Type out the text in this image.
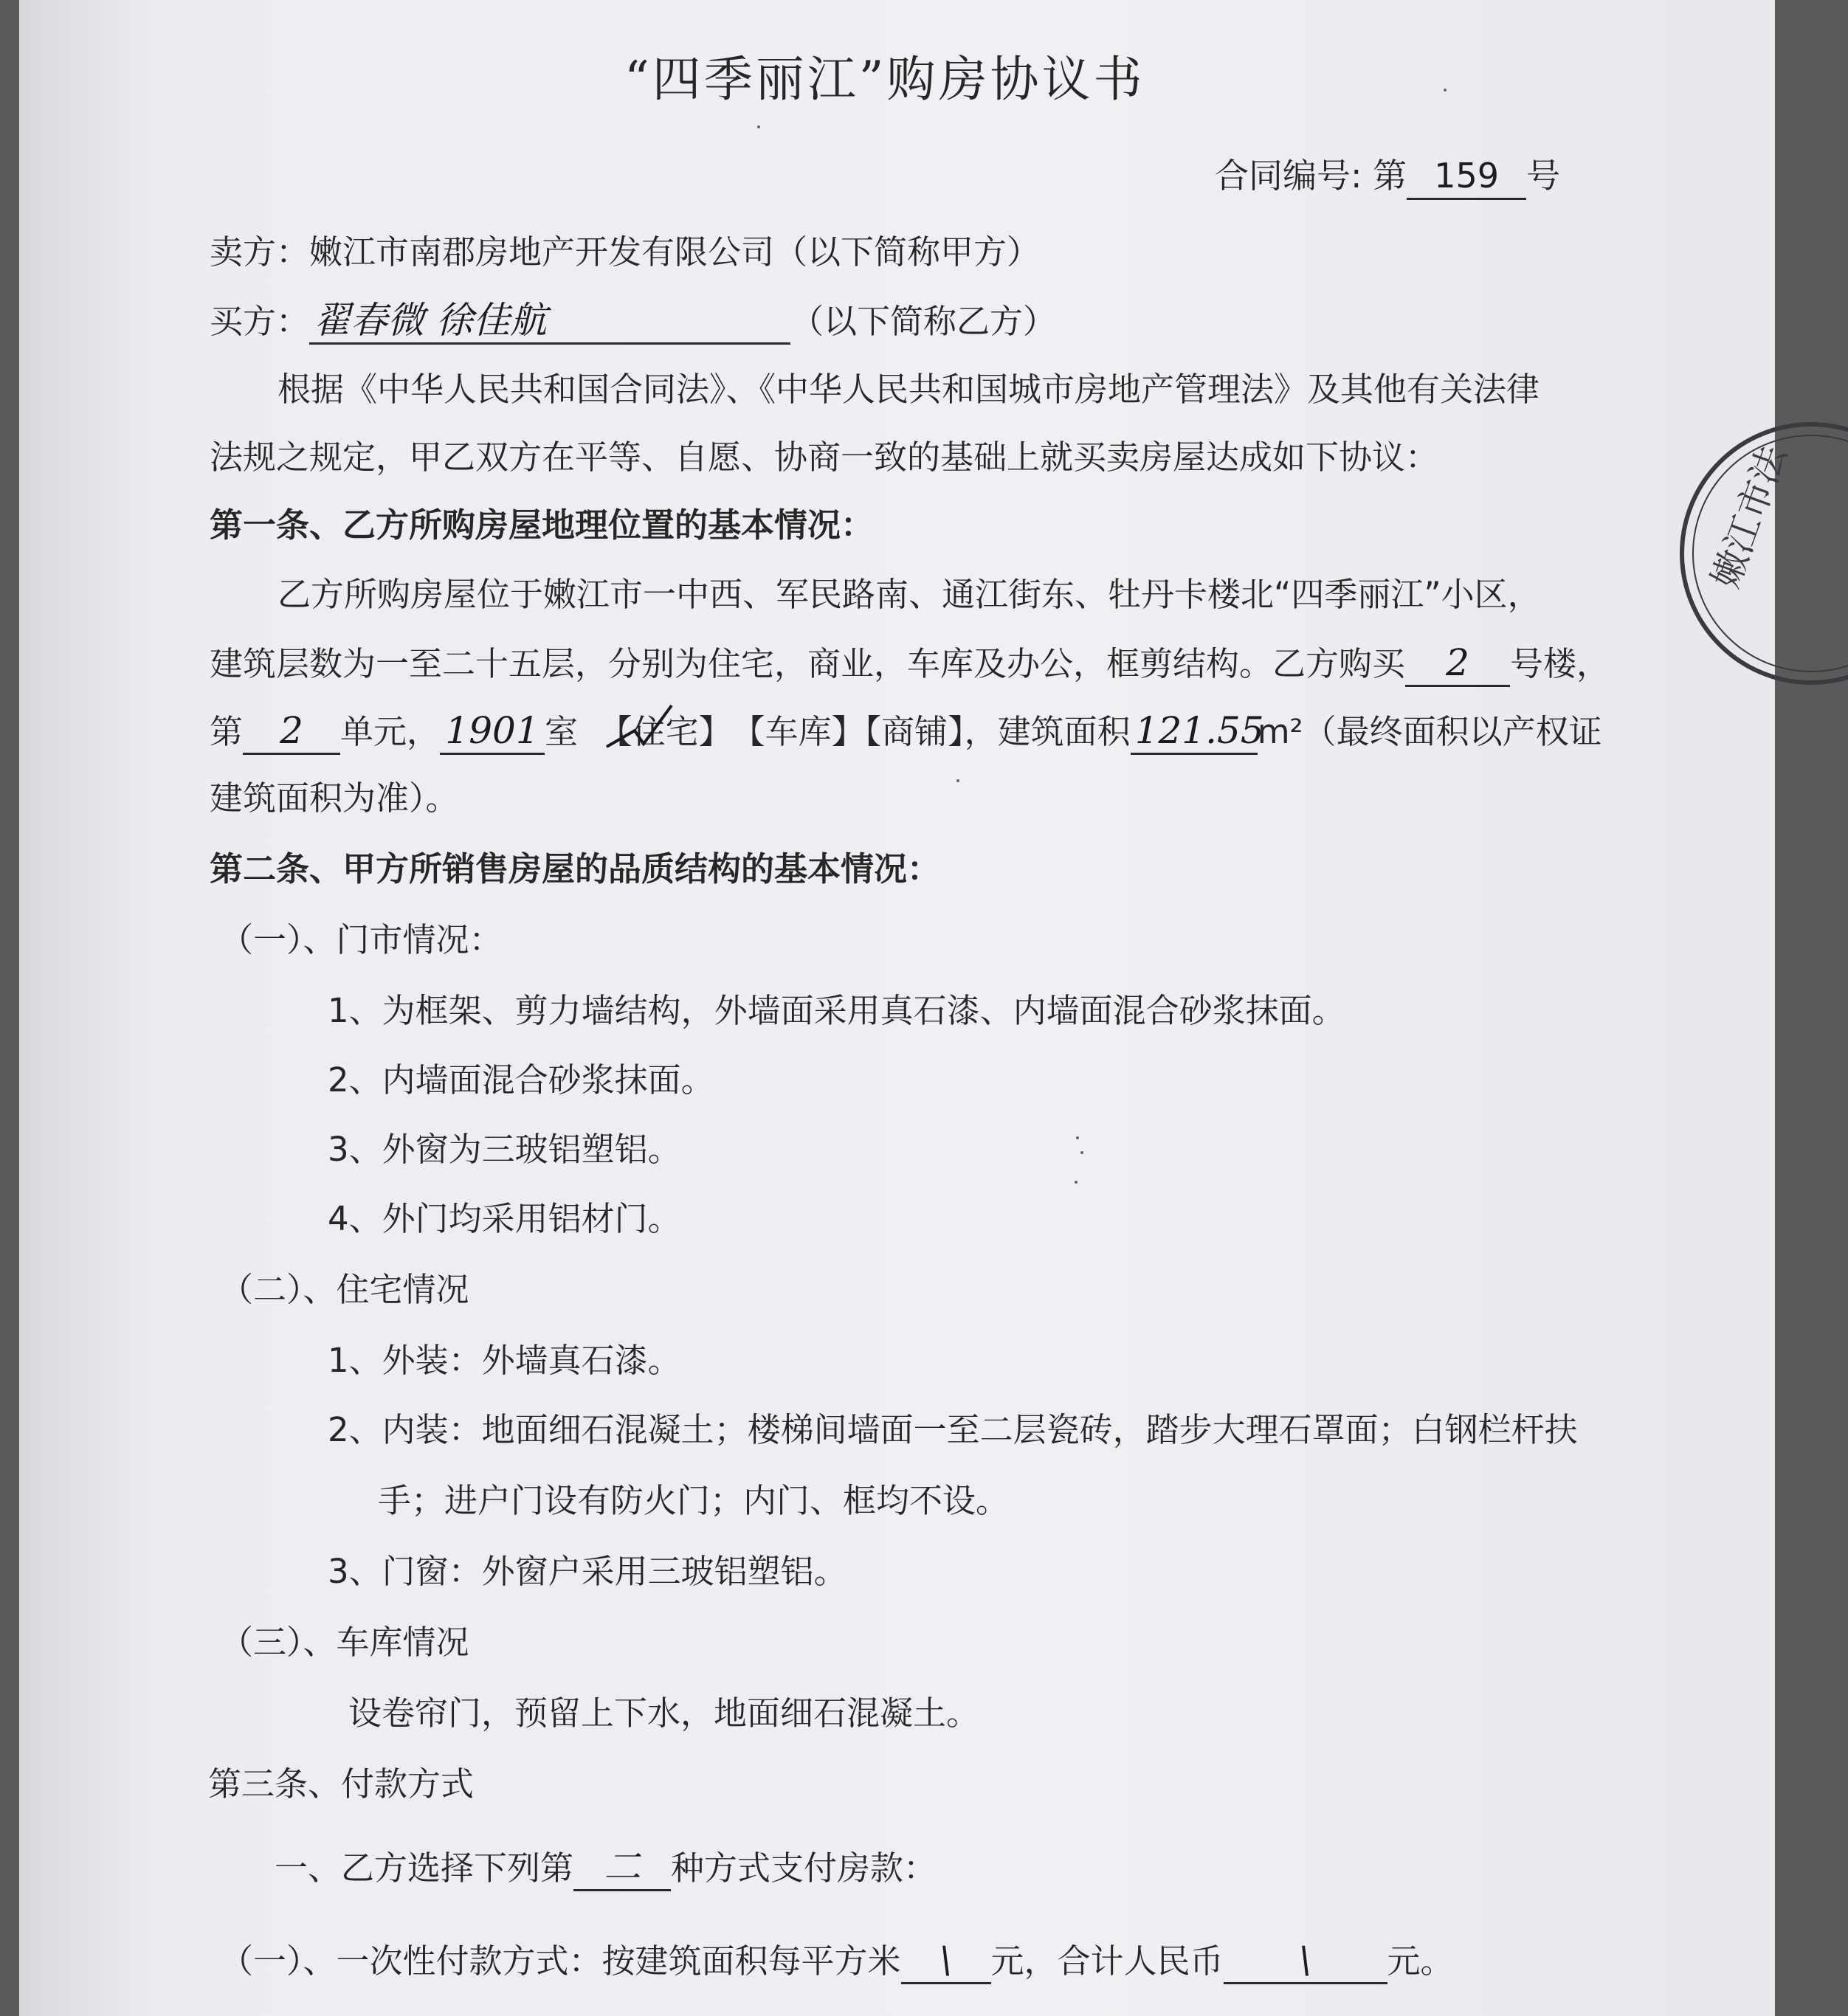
“四季丽江”购房协议书
合同编号: 第 159 号
卖方：嫩江市南郡房地产开发有限公司（以下简称甲方）
买方： 翟春微 徐佳航	（以下简称乙方）
根据《中华人民共和国合同法》、《中华人民共和国城市房地产管理法》及其他有关法律
法规之规定，甲乙双方在平等、自愿、协商一致的基础上就买卖房屋达成如下协议：
第一条、乙方所购房屋地理位置的基本情况：
乙方所购房屋位于嫩江市一中西、军民路南、通江街东、牡丹卡楼北“四季丽江”小区，
建筑层数为一至二十五层，分别为住宅，商业，车库及办公，框剪结构。乙方购买 2 号楼，
第 2 单元， 1901 室 【住宅】
【车库】【商铺】，建筑面积 121.55m²（最终面积以产权证
建筑面积为准）。
第二条、甲方所销售房屋的品质结构的基本情况：
（一）、门市情况：
1、为框架、剪力墙结构，外墙面采用真石漆、内墙面混合砂浆抹面。
2、内墙面混合砂浆抹面。
3、外窗为三玻铝塑铝。
4、外门均采用铝材门。
（二）、住宅情况
1、外装：外墙真石漆。
2、内装：地面细石混凝土；楼梯间墙面一至二层瓷砖，踏步大理石罩面；白钢栏杆扶
手；进户门设有防火门；内门、框均不设。
3、门窗：外窗户采用三玻铝塑铝。
（三）、车库情况
设卷帘门，预留上下水，地面细石混凝土。
第三条、付款方式
一、乙方选择下列第 二 种方式支付房款：
（一）、一次性付款方式：按建筑面积每平方米 \ 元，合计人民币 \ 元。
嫩江市法
